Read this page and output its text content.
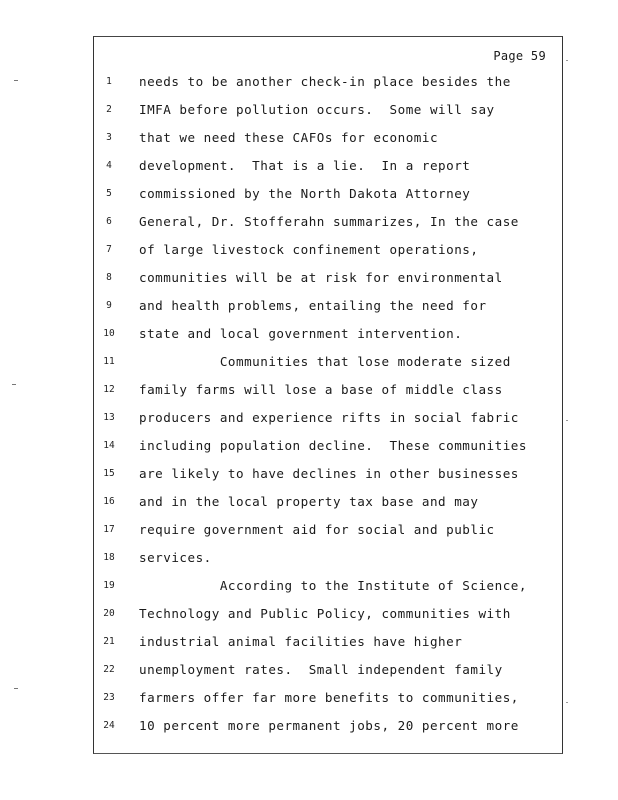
Page 59
1	needs to be another check-in place besides the
2	IMFA before pollution occurs.  Some will say
3	that we need these CAFOs for economic
4	development.  That is a lie.  In a report
5	commissioned by the North Dakota Attorney
6	General, Dr. Stofferahn summarizes, In the case
7	of large livestock confinement operations,
8	communities will be at risk for environmental
9	and health problems, entailing the need for
10	state and local government intervention.
11	Communities that lose moderate sized
12	family farms will lose a base of middle class
13	producers and experience rifts in social fabric
14	including population decline.  These communities
15	are likely to have declines in other businesses
16	and in the local property tax base and may
17	require government aid for social and public
18	services.
19	According to the Institute of Science,
20	Technology and Public Policy, communities with
21	industrial animal facilities have higher
22	unemployment rates.  Small independent family
23	farmers offer far more benefits to communities,
24	10 percent more permanent jobs, 20 percent more
